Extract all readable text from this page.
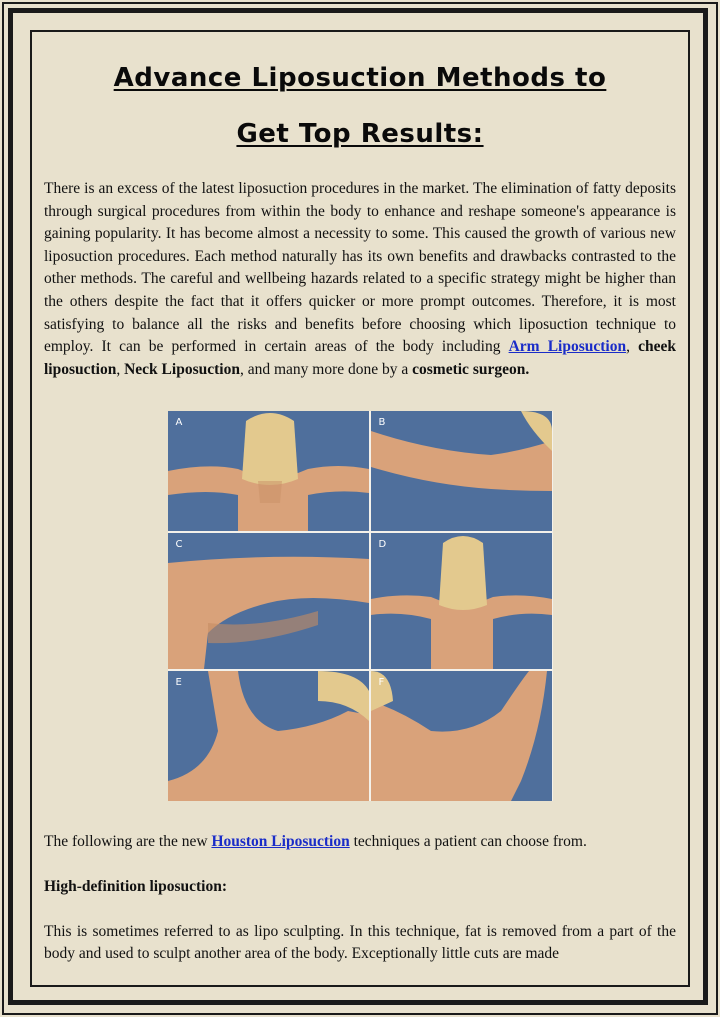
Advance Liposuction Methods to
Get Top Results:

There is an excess of the latest liposuction procedures in the market. The elimination of fatty deposits through surgical procedures from within the body to enhance and reshape someone's appearance is gaining popularity. It has become almost a necessity to some. This caused the growth of various new liposuction procedures. Each method naturally has its own benefits and drawbacks contrasted to the other methods. The careful and wellbeing hazards related to a specific strategy might be higher than the others despite the fact that it offers quicker or more prompt outcomes. Therefore, it is most satisfying to balance all the risks and benefits before choosing which liposuction technique to employ. It can be performed in certain areas of the body including Arm Liposuction, cheek liposuction, Neck Liposuction, and many more done by a cosmetic surgeon.

A	B
C	D
E	F

The following are the new Houston Liposuction techniques a patient can choose from.

High-definition liposuction:

This is sometimes referred to as lipo sculpting. In this technique, fat is removed from a part of the body and used to sculpt another area of the body. Exceptionally little cuts are made
